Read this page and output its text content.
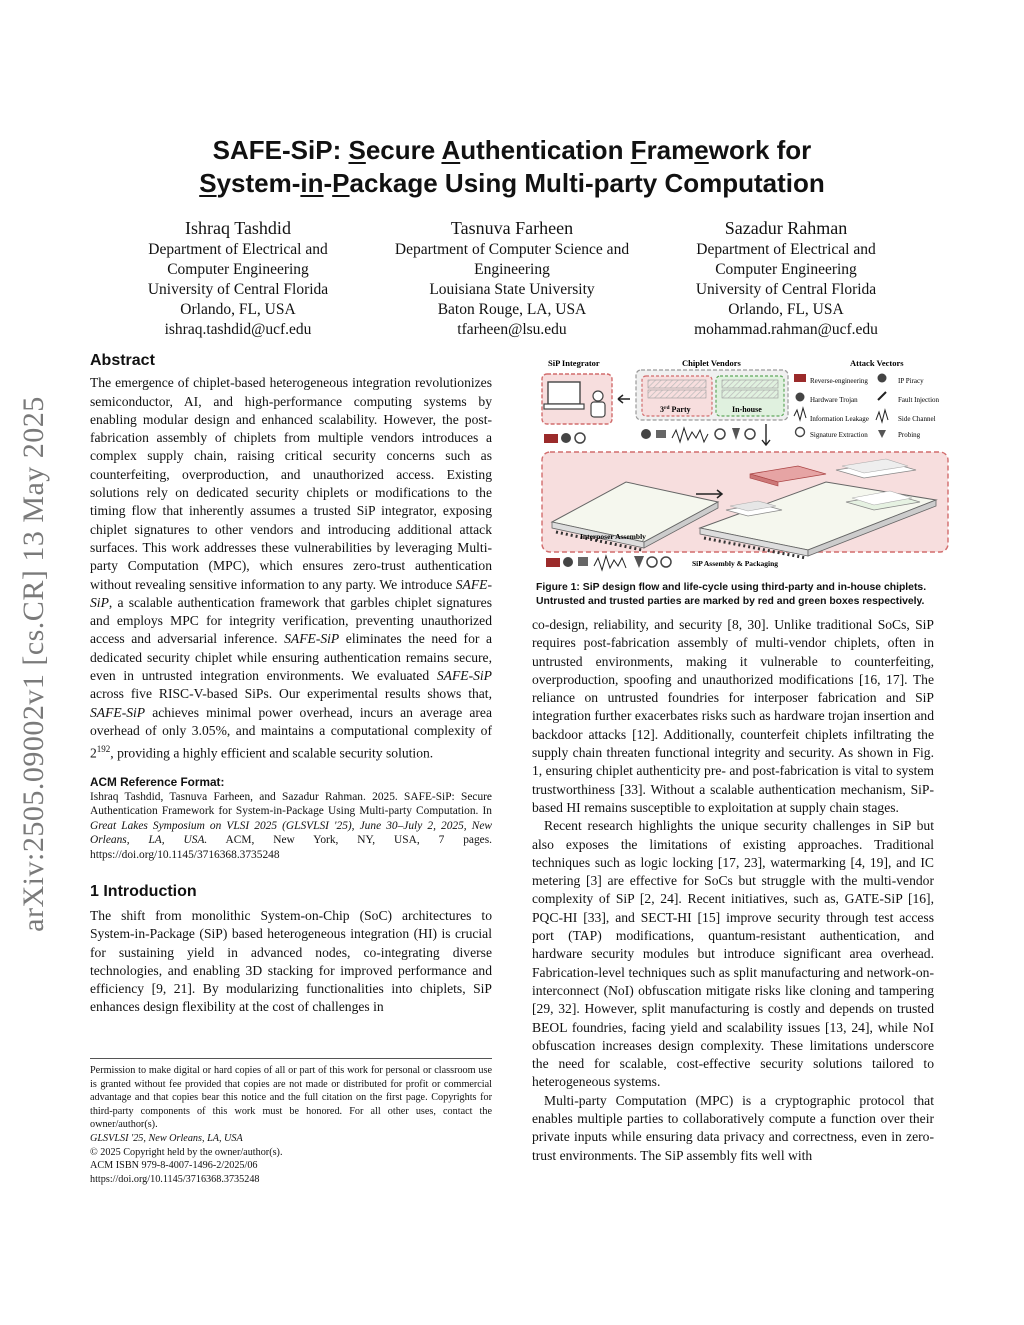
SAFE-SiP: Secure Authentication Framework for
System-in-Package Using Multi-party Computation
Ishraq Tashdid
Department of Electrical and
Computer Engineering
University of Central Florida
Orlando, FL, USA
ishraq.tashdid@ucf.edu
Tasnuva Farheen
Department of Computer Science and
Engineering
Louisiana State University
Baton Rouge, LA, USA
tfarheen@lsu.edu
Sazadur Rahman
Department of Electrical and
Computer Engineering
University of Central Florida
Orlando, FL, USA
mohammad.rahman@ucf.edu
arXiv:2505.09002v1 [cs.CR] 13 May 2025
Abstract

The emergence of chiplet-based heterogeneous integration revolutionizes semiconductor, AI, and high-performance computing systems by enabling modular design and enhanced scalability. However, the post-fabrication assembly of chiplets from multiple vendors introduces a complex supply chain, raising critical security concerns such as counterfeiting, overproduction, and unauthorized access. Existing solutions rely on dedicated security chiplets or modifications to the timing flow that inherently assumes a trusted SiP integrator, exposing chiplet signatures to other vendors and introducing additional attack surfaces. This work addresses these vulnerabilities by leveraging Multi-party Computation (MPC), which ensures zero-trust authentication without revealing sensitive information to any party. We introduce SAFE-SiP, a scalable authentication framework that garbles chiplet signatures and employs MPC for integrity verification, preventing unauthorized access and adversarial inference. SAFE-SiP eliminates the need for a dedicated security chiplet while ensuring authentication remains secure, even in untrusted integration environments. We evaluated SAFE-SiP across five RISC-V-based SiPs. Our experimental results shows that, SAFE-SiP achieves minimal power overhead, incurs an average area overhead of only 3.05%, and maintains a computational complexity of $2^{192}$, providing a highly efficient and scalable security solution.

ACM Reference Format:

Ishraq Tashdid, Tasnuva Farheen, and Sazadur Rahman. 2025. SAFE-SiP: Secure Authentication Framework for System-in-Package Using Multi-party Computation. In Great Lakes Symposium on VLSI 2025 (GLSVLSI '25), June 30–July 2, 2025, New Orleans, LA, USA. ACM, New York, NY, USA, 7 pages. https://doi.org/10.1145/3716368.3735248

1 Introduction

The shift from monolithic System-on-Chip (SoC) architectures to System-in-Package (SiP) based heterogeneous integration (HI) is crucial for sustaining yield in advanced nodes, co-integrating diverse technologies, and enabling 3D stacking for improved performance and efficiency [9, 21]. By modularizing functionalities into chiplets, SiP enhances design flexibility at the cost of challenges in

Permission to make digital or hard copies of all or part of this work for personal or classroom use is granted without fee provided that copies are not made or distributed for profit or commercial advantage and that copies bear this notice and the full citation on the first page. Copyrights for third-party components of this work must be honored. For all other uses, contact the owner/author(s).

GLSVLSI '25, New Orleans, LA, USA

© 2025 Copyright held by the owner/author(s).

ACM ISBN 979-8-4007-1496-2/2025/06

https://doi.org/10.1145/3716368.3735248

SiP Integrator	Chiplet Vendors	Attack Vectors
3rd Party	In-house
Reverse-engineering
Hardware Trojan
Information Leakage
Signature Extraction
IP Piracy
Fault Injection
Side Channel
Probing
Interposer Assembly
SiP Assembly & Packaging
Figure 1: SiP design flow and life-cycle using third-party and in-house chiplets. Untrusted and trusted parties are marked by red and green boxes respectively.

co-design, reliability, and security [8, 30]. Unlike traditional SoCs, SiP requires post-fabrication assembly of multi-vendor chiplets, often in untrusted environments, making it vulnerable to counterfeiting, overproduction, spoofing and unauthorized modifications [16, 17]. The reliance on untrusted foundries for interposer fabrication and SiP integration further exacerbates risks such as hardware trojan insertion and backdoor attacks [12]. Additionally, counterfeit chiplets infiltrating the supply chain threaten functional integrity and security. As shown in Fig. 1, ensuring chiplet authenticity pre- and post-fabrication is vital to system trustworthiness [33]. Without a scalable authentication mechanism, SiP-based HI remains susceptible to exploitation at supply chain stages.

Recent research highlights the unique security challenges in SiP but also exposes the limitations of existing approaches. Traditional techniques such as logic locking [17, 23], watermarking [4, 19], and IC metering [3] are effective for SoCs but struggle with the multi-vendor complexity of SiP [2, 24]. Recent initiatives, such as, GATE-SiP [16], PQC-HI [33], and SECT-HI [15] improve security through test access port (TAP) modifications, quantum-resistant authentication, and hardware security modules but introduce significant area overhead. Fabrication-level techniques such as split manufacturing and network-on-interconnect (NoI) obfuscation mitigate risks like cloning and tampering [29, 32]. However, split manufacturing is costly and depends on trusted BEOL foundries, facing yield and scalability issues [13, 24], while NoI obfuscation increases design complexity. These limitations underscore the need for scalable, cost-effective security solutions tailored to heterogeneous systems.

Multi-party Computation (MPC) is a cryptographic protocol that enables multiple parties to collaboratively compute a function over their private inputs while ensuring data privacy and correctness, even in zero-trust environments. The SiP assembly fits well with
